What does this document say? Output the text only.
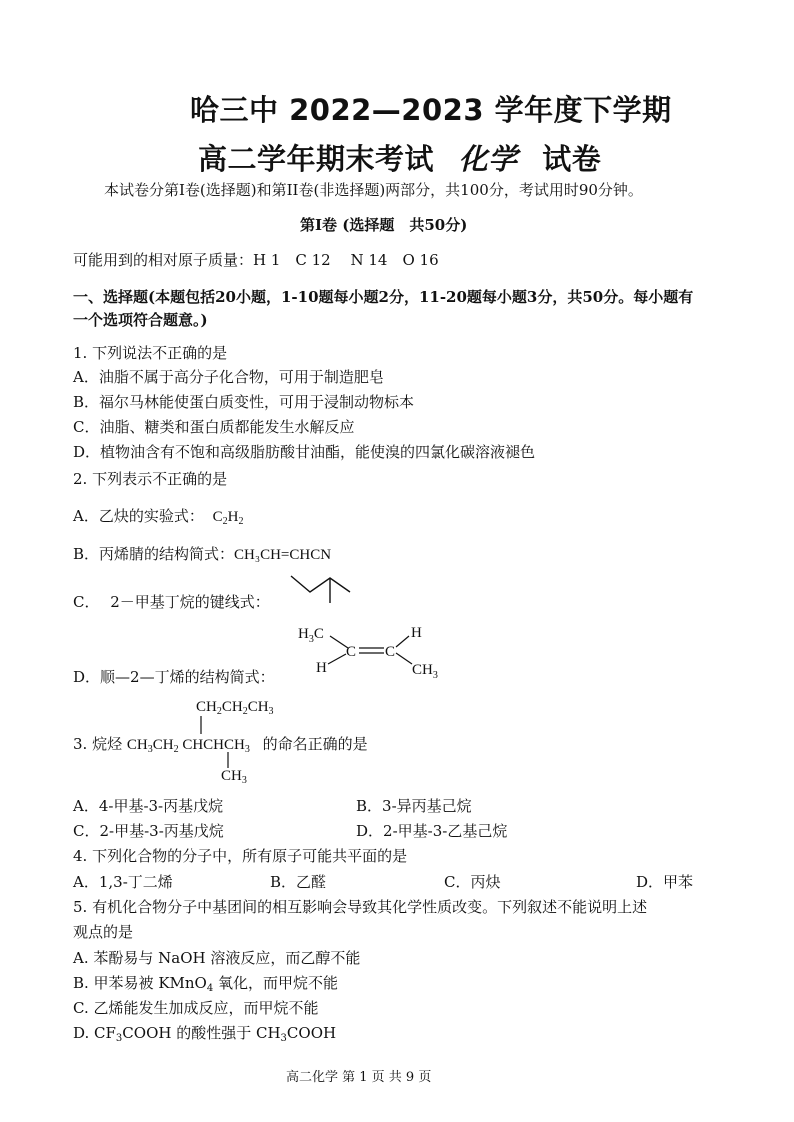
哈三中 2022—2023 学年度下学期
高二学年期末考试 化学 试卷
本试卷分第I卷(选择题)和第II卷(非选择题)两部分，共100分，考试用时90分钟。
第I卷 (选择题　共50分)
可能用到的相对原子质量：H 1　C 12　 N 14　O 16
一、选择题(本题包括20小题，1-10题每小题2分，11-20题每小题3分，共50分。每小题有
一个选项符合题意。)
1. 下列说法不正确的是
A．油脂不属于高分子化合物，可用于制造肥皂
B．福尔马林能使蛋白质变性，可用于浸制动物标本
C．油脂、糖类和蛋白质都能发生水解反应
D．植物油含有不饱和高级脂肪酸甘油酯，能使溴的四氯化碳溶液褪色
2. 下列表示不正确的是
A．乙炔的实验式： $C_2H_2$
B．丙烯腈的结构简式：CH₃CH=CHCN
C． 2－甲基丁烷的键线式：
D．顺—2—丁烯的结构简式：
$H_3C$
C C
H
H	$CH_3$
$CH_2CH_2CH_3$
3. 烷烃 $CH_3CH_2$ $CHCHCH_3$ 的命名正确的是
$CH_3$
A．4-甲基-3-丙基戊烷	B．3-异丙基己烷
C．2-甲基-3-丙基戊烷	D．2-甲基-3-乙基己烷
4. 下列化合物的分子中，所有原子可能共平面的是
A．1,3-丁二烯	B．乙醛	C．丙炔	D．甲苯
5. 有机化合物分子中基团间的相互影响会导致其化学性质改变。下列叙述不能说明上述
观点的是
A. 苯酚易与 NaOH 溶液反应，而乙醇不能
B. 甲苯易被 KMnO$_4$ 氧化，而甲烷不能
C. 乙烯能发生加成反应，而甲烷不能
D. $CF_3COOH$ 的酸性强于 $CH_3COOH$
高二化学 第 1 页 共 9 页
